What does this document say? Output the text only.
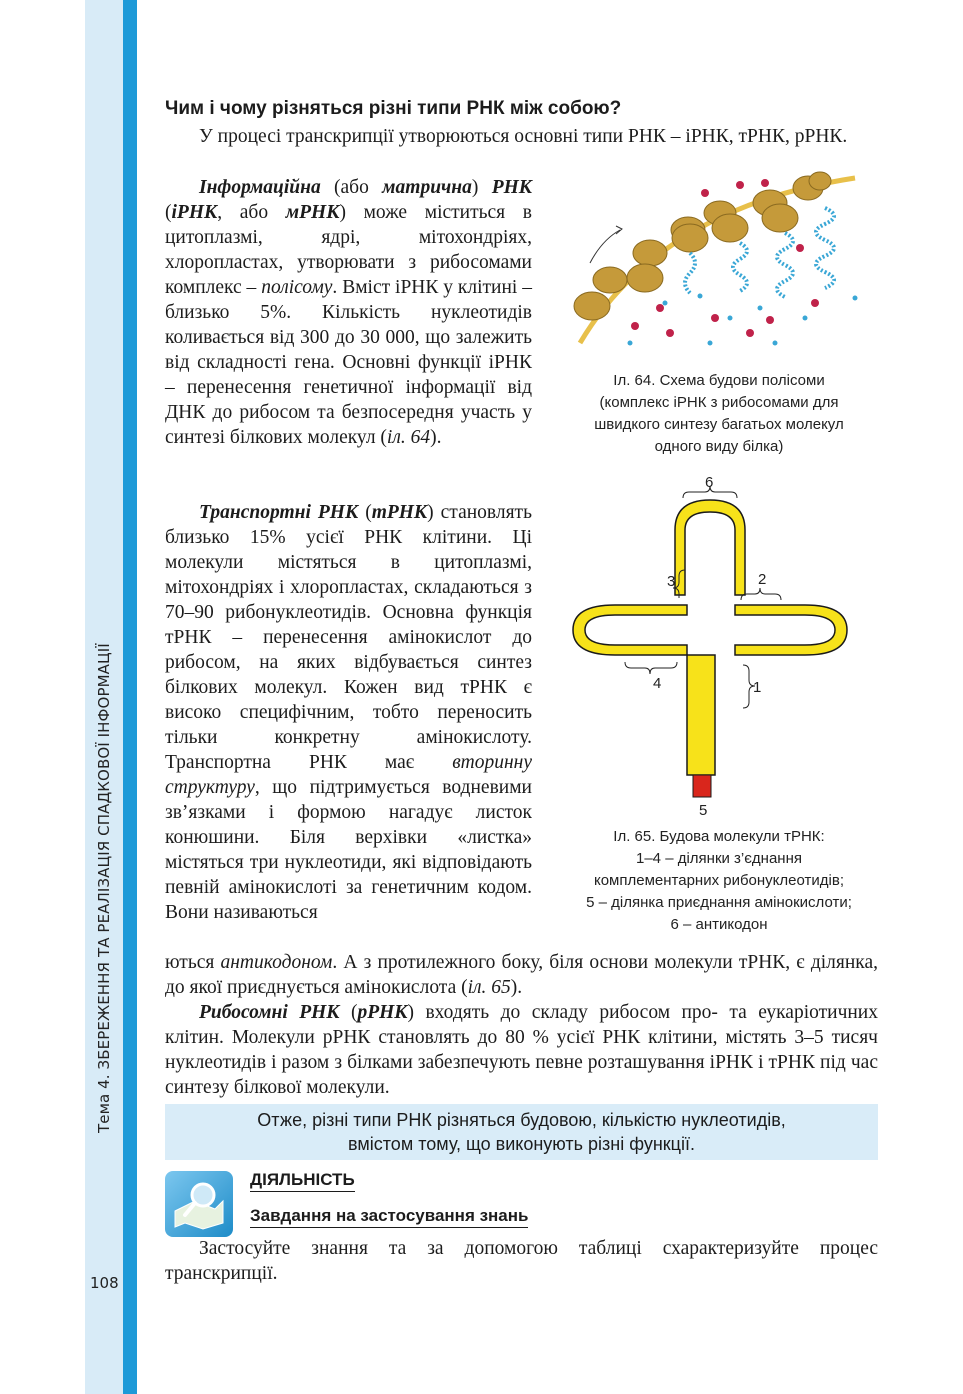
Тема 4. ЗБЕРЕЖЕННЯ ТА РЕАЛІЗАЦІЯ СПАДКОВОЇ ІНФОРМАЦІЇ
108
Чим і чому різняться різні типи РНК між собою?

У процесі транскрипції утворюються основні типи РНК – іРНК, тРНК, рРНК.

Інформаційна (або матрична) РНК (іРНК, або мРНК) може міститься в цитоплазмі, ядрі, мітохондріях, хлоропластах, утворювати з рибосомами комплекс – полісому. Вміст іРНК у клітині – близько 5%. Кількість нуклеотидів коливається від 300 до 30 000, що залежить від складності гена. Основні функції іРНК – перенесення генетичної інформації від ДНК до рибосом та безпосередня участь у синтезі білкових молекул (іл. 64).

Транспортні РНК (тРНК) становлять близько 15% усієї РНК клітини. Ці молекули містяться в цитоплазмі, мітохондріях і хлоропластах, складаються з 70–90 рибонуклеотидів. Основна функція тРНК – перенесення амінокислот до рибосом, на яких відбувається синтез білкових молекул. Кожен вид тРНК є високо специфічним, тобто переносить тільки конкретну амінокислоту. Транспортна РНК має вторинну структуру, що підтримується водневими зв’язками і формою нагадує листок конюшини. Біля верхівки «листка» містяться три нуклеотиди, які відповідають певній амінокислоті за генетичним кодом. Вони називаються

ються антикодоном. А з протилежного боку, біля основи молекули тРНК, є ділянка, до якої приєднується амінокислота (іл. 65).

Рибосомні РНК (рРНК) входять до складу рибосом про- та еукаріотичних клітин. Молекули рРНК становлять до 80 % усієї РНК клітини, містять 3–5 тисяч нуклеотидів і разом з білками забезпечують певне розташування іРНК і тРНК під час синтезу білкової молекули.

Іл. 64. Схема будови полісоми
(комплекс іРНК з рибосомами для
швидкого синтезу багатьох молекул
одного виду білка)
6
3	2
4	1
5
Іл. 65. Будова молекули тРНК:
1–4 – ділянки з’єднання
комплементарних рибонуклеотидів;
5 – ділянка приєднання амінокислоти;
6 – антикодон
Отже, різні типи РНК різняться будовою, кількістю нуклеотидів,
вмістом тому, що виконують різні функції.
ДІЯЛЬНІСТЬ
Завдання на застосування знань

Застосуйте знання та за допомогою таблиці схарактеризуйте процес транскрипції.
